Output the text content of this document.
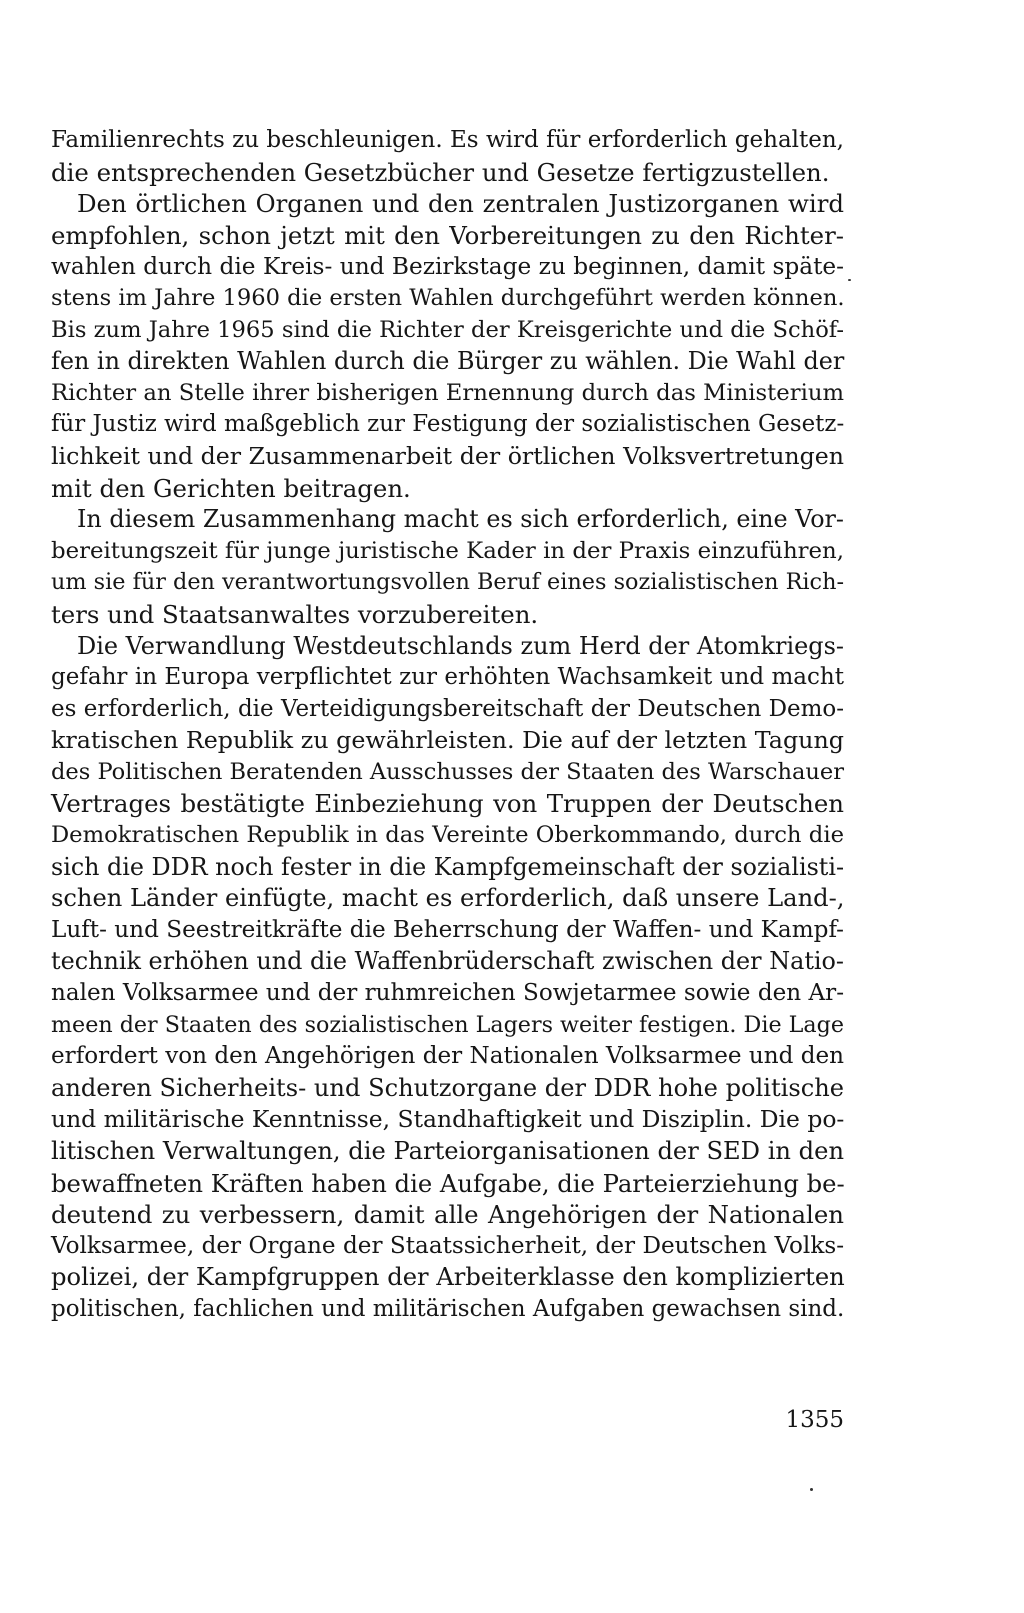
Familienrechts zu beschleunigen. Es wird für erforderlich gehalten,
die entsprechenden Gesetzbücher und Gesetze fertigzustellen.
Den örtlichen Organen und den zentralen Justizorganen wird
empfohlen, schon jetzt mit den Vorbereitungen zu den Richter-
wahlen durch die Kreis- und Bezirkstage zu beginnen, damit späte-
stens im Jahre 1960 die ersten Wahlen durchgeführt werden können.
Bis zum Jahre 1965 sind die Richter der Kreisgerichte und die Schöf-
fen in direkten Wahlen durch die Bürger zu wählen. Die Wahl der
Richter an Stelle ihrer bisherigen Ernennung durch das Ministerium
für Justiz wird maßgeblich zur Festigung der sozialistischen Gesetz-
lichkeit und der Zusammenarbeit der örtlichen Volksvertretungen
mit den Gerichten beitragen.
In diesem Zusammenhang macht es sich erforderlich, eine Vor-
bereitungszeit für junge juristische Kader in der Praxis einzuführen,
um sie für den verantwortungsvollen Beruf eines sozialistischen Rich-
ters und Staatsanwaltes vorzubereiten.
Die Verwandlung Westdeutschlands zum Herd der Atomkriegs-
gefahr in Europa verpflichtet zur erhöhten Wachsamkeit und macht
es erforderlich, die Verteidigungsbereitschaft der Deutschen Demo-
kratischen Republik zu gewährleisten. Die auf der letzten Tagung
des Politischen Beratenden Ausschusses der Staaten des Warschauer
Vertrages bestätigte Einbeziehung von Truppen der Deutschen
Demokratischen Republik in das Vereinte Oberkommando, durch die
sich die DDR noch fester in die Kampfgemeinschaft der sozialisti-
schen Länder einfügte, macht es erforderlich, daß unsere Land-,
Luft- und Seestreitkräfte die Beherrschung der Waffen- und Kampf-
technik erhöhen und die Waffenbrüderschaft zwischen der Natio-
nalen Volksarmee und der ruhmreichen Sowjetarmee sowie den Ar-
meen der Staaten des sozialistischen Lagers weiter festigen. Die Lage
erfordert von den Angehörigen der Nationalen Volksarmee und den
anderen Sicherheits- und Schutzorgane der DDR hohe politische
und militärische Kenntnisse, Standhaftigkeit und Disziplin. Die po-
litischen Verwaltungen, die Parteiorganisationen der SED in den
bewaffneten Kräften haben die Aufgabe, die Parteierziehung be-
deutend zu verbessern, damit alle Angehörigen der Nationalen
Volksarmee, der Organe der Staatssicherheit, der Deutschen Volks-
polizei, der Kampfgruppen der Arbeiterklasse den komplizierten
politischen, fachlichen und militärischen Aufgaben gewachsen sind.
1355
